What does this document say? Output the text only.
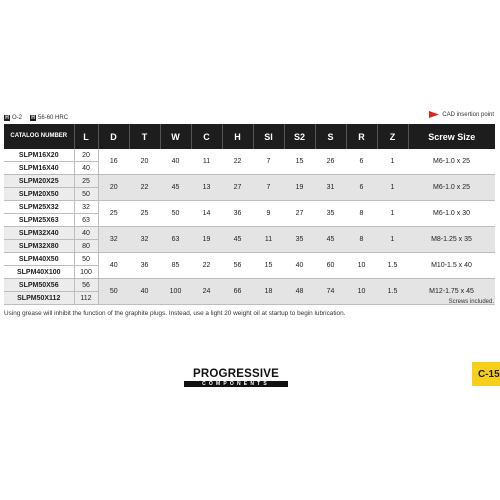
H O-2 H 56-60 HRC	CAD insertion point
CATALOG NUMBER	L	D	T	W	C	H	SI	S2	S	R	Z	Screw Size
SLPM16X20	20	16	20	40	11	22	7	15	26	6	1	M6-1.0 x 25
SLPM16X40	40											
SLPM20X25	25	20	22	45	13	27	7	19	31	6	1	M6-1.0 x 25
SLPM20X50	50											
SLPM25X32	32	25	25	50	14	36	9	27	35	8	1	M6-1.0 x 30
SLPM25X63	63											
SLPM32X40	40	32	32	63	19	45	11	35	45	8	1	M8-1.25 x 35
SLPM32X80	80											
SLPM40X50	50	40	36	85	22	56	15	40	60	10	1.5	M10-1.5 x 40
SLPM40X100	100											
SLPM50X56	56	50	40	100	24	66	18	48	74	10	1.5	M12-1.75 x 45
SLPM50X112	112											
Screws included.
Using grease will inhibit the function of the graphite plugs. Instead, use a light 20 weight oil at startup to begin lubrication.
PROGRESSIVE
COMPONENTS
C-15
